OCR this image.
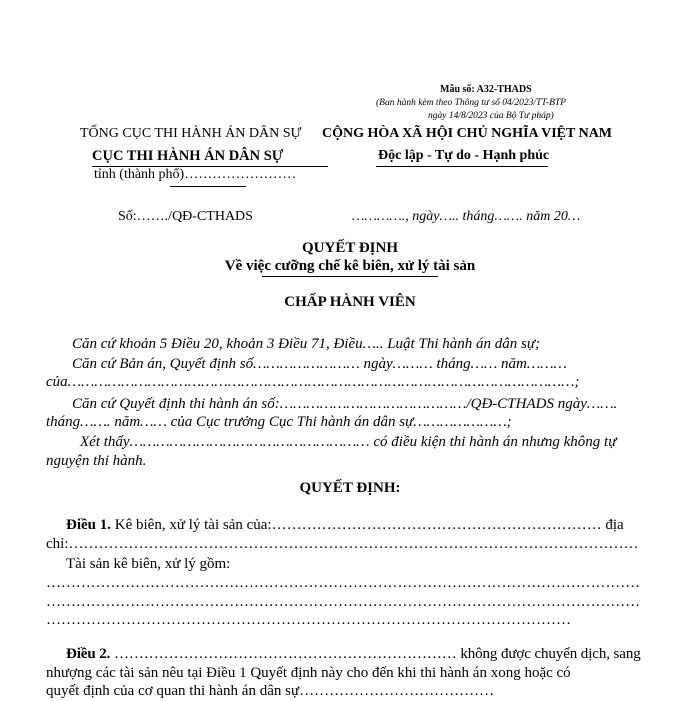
Mẫu số: A32-THADS
(Ban hành kèm theo Thông tư số 04/2023/TT-BTP
ngày 14/8/2023 của Bộ Tư pháp)
TỔNG CỤC THI HÀNH ÁN DÂN SỰ
CỤC THI HÀNH ÁN DÂN SỰ
tỉnh (thành phố)……………………
CỘNG HÒA XÃ HỘI CHỦ NGHĨA VIỆT NAM
Độc lập - Tự do - Hạnh phúc
Số:……./QĐ-CTHADS	…………., ngày….. tháng……. năm 20…
QUYẾT ĐỊNH
Về việc cưỡng chế kê biên, xử lý tài sản
CHẤP HÀNH VIÊN
Căn cứ khoản 5 Điều 20, khoản 3 Điều 71, Điều….. Luật Thi hành án dân sự;
Căn cứ Bản án, Quyết định số…………………… ngày……… tháng…… năm………
của……………………………………………………………………………………………………;
Căn cứ Quyết định thi hành án số:……………………………………/QĐ-CTHADS ngày…….
tháng……. năm…… của Cục trưởng Cục Thi hành án dân sự…………………;
Xét thấy……………………………………………… có điều kiện thi hành án nhưng không tự
nguyện thi hành.
QUYẾT ĐỊNH:
Điều 1. Kê biên, xử lý tài sản của:………………………………………………………… địa
chỉ:……………………………………………………………………………………………………
Tài sản kê biên, xử lý gồm:
…………………………………………………………………………………………………………
…………………………………………………………………………………………………………
……………………………………………………………………………………………
Điều 2. …………………………………………………………… không được chuyển dịch, sang
nhượng các tài sản nêu tại Điều 1 Quyết định này cho đến khi thi hành án xong hoặc có
quyết định của cơ quan thi hành án dân sự…………………………………
